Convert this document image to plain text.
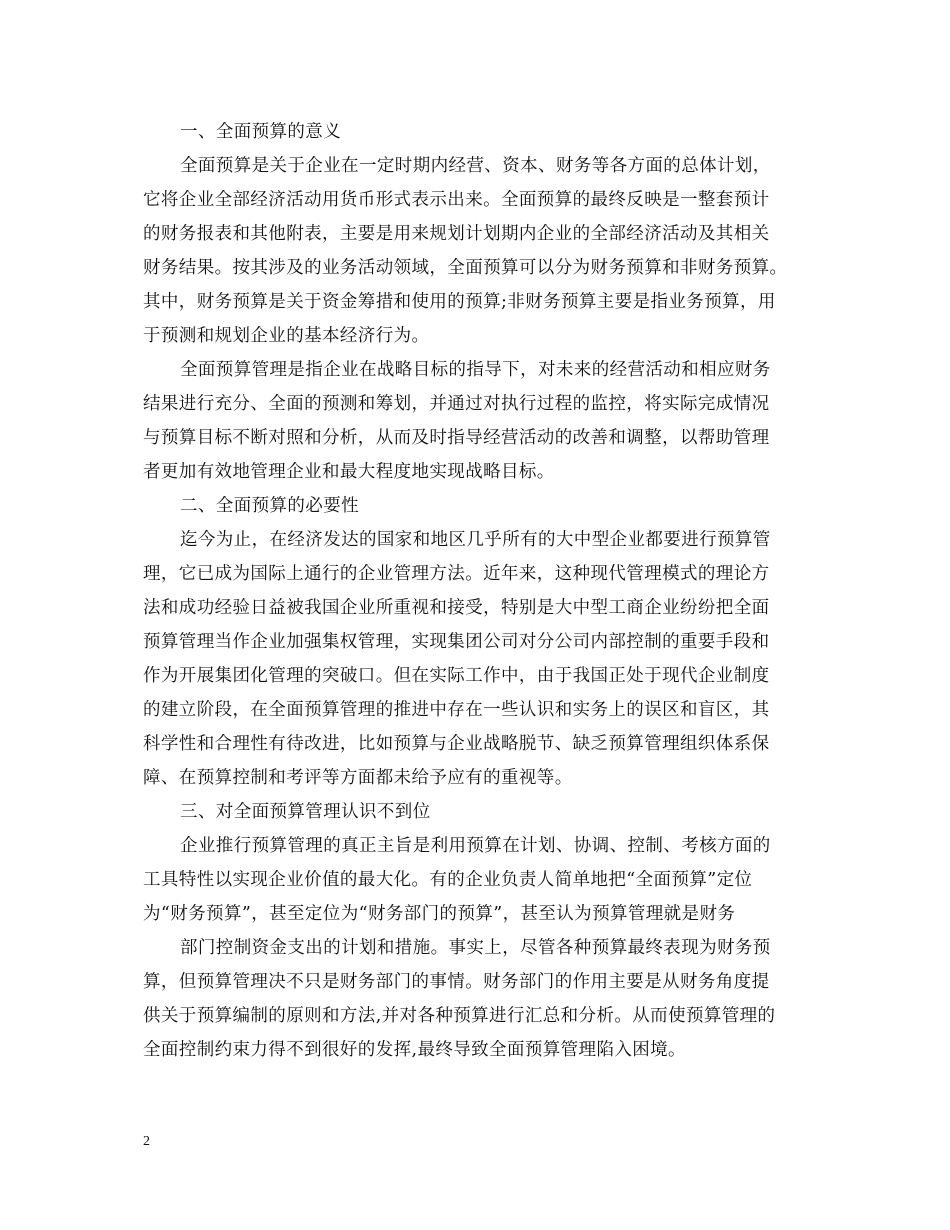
一、全面预算的意义
全面预算是关于企业在一定时期内经营、资本、财务等各方面的总体计划，
它将企业全部经济活动用货币形式表示出来。全面预算的最终反映是一整套预计
的财务报表和其他附表，主要是用来规划计划期内企业的全部经济活动及其相关
财务结果。按其涉及的业务活动领域，全面预算可以分为财务预算和非财务预算。
其中，财务预算是关于资金筹措和使用的预算;非财务预算主要是指业务预算，用
于预测和规划企业的基本经济行为。
全面预算管理是指企业在战略目标的指导下，对未来的经营活动和相应财务
结果进行充分、全面的预测和筹划，并通过对执行过程的监控，将实际完成情况
与预算目标不断对照和分析，从而及时指导经营活动的改善和调整，以帮助管理
者更加有效地管理企业和最大程度地实现战略目标。
二、全面预算的必要性
迄今为止，在经济发达的国家和地区几乎所有的大中型企业都要进行预算管
理，它已成为国际上通行的企业管理方法。近年来，这种现代管理模式的理论方
法和成功经验日益被我国企业所重视和接受，特别是大中型工商企业纷纷把全面
预算管理当作企业加强集权管理，实现集团公司对分公司内部控制的重要手段和
作为开展集团化管理的突破口。但在实际工作中，由于我国正处于现代企业制度
的建立阶段，在全面预算管理的推进中存在一些认识和实务上的误区和盲区，其
科学性和合理性有待改进，比如预算与企业战略脱节、缺乏预算管理组织体系保
障、在预算控制和考评等方面都未给予应有的重视等。
三、对全面预算管理认识不到位
企业推行预算管理的真正主旨是利用预算在计划、协调、控制、考核方面的
工具特性以实现企业价值的最大化。有的企业负责人简单地把“全面预算”定位
为“财务预算”，甚至定位为“财务部门的预算”，甚至认为预算管理就是财务
部门控制资金支出的计划和措施。事实上，尽管各种预算最终表现为财务预
算，但预算管理决不只是财务部门的事情。财务部门的作用主要是从财务角度提
供关于预算编制的原则和方法,并对各种预算进行汇总和分析。从而使预算管理的
全面控制约束力得不到很好的发挥,最终导致全面预算管理陷入困境。
2
